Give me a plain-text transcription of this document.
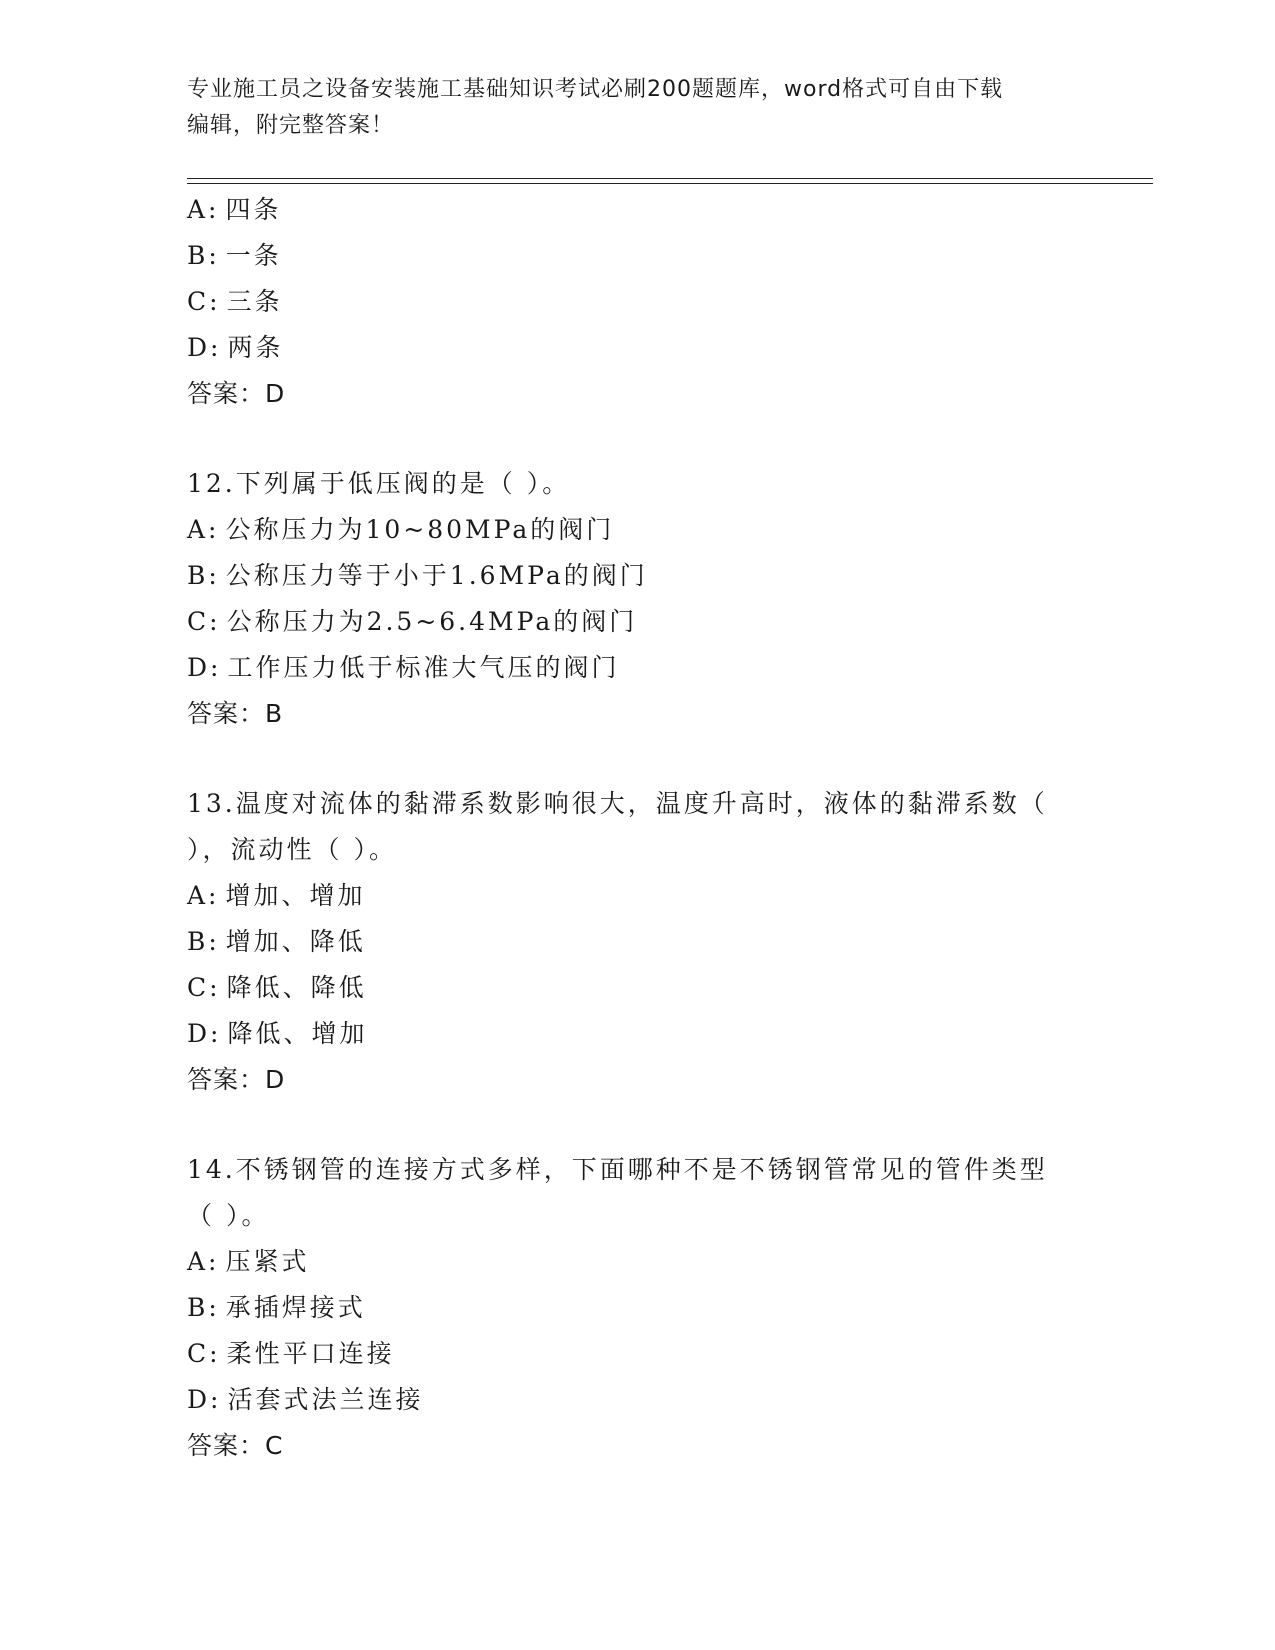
专业施工员之设备安装施工基础知识考试必刷200题题库，word格式可自由下载
编辑，附完整答案！
A: 四条
B: 一条
C: 三条
D: 两条
答案：D
12.下列属于低压阀的是（ ）。
A: 公称压力为10~80MPa的阀门
B: 公称压力等于小于1.6MPa的阀门
C: 公称压力为2.5~6.4MPa的阀门
D: 工作压力低于标准大气压的阀门
答案：B
13.温度对流体的黏滞系数影响很大，温度升高时，液体的黏滞系数（
），流动性（ ）。
A: 增加、增加
B: 增加、降低
C: 降低、降低
D: 降低、增加
答案：D
14.不锈钢管的连接方式多样，下面哪种不是不锈钢管常见的管件类型
（ ）。
A: 压紧式
B: 承插焊接式
C: 柔性平口连接
D: 活套式法兰连接
答案：C
